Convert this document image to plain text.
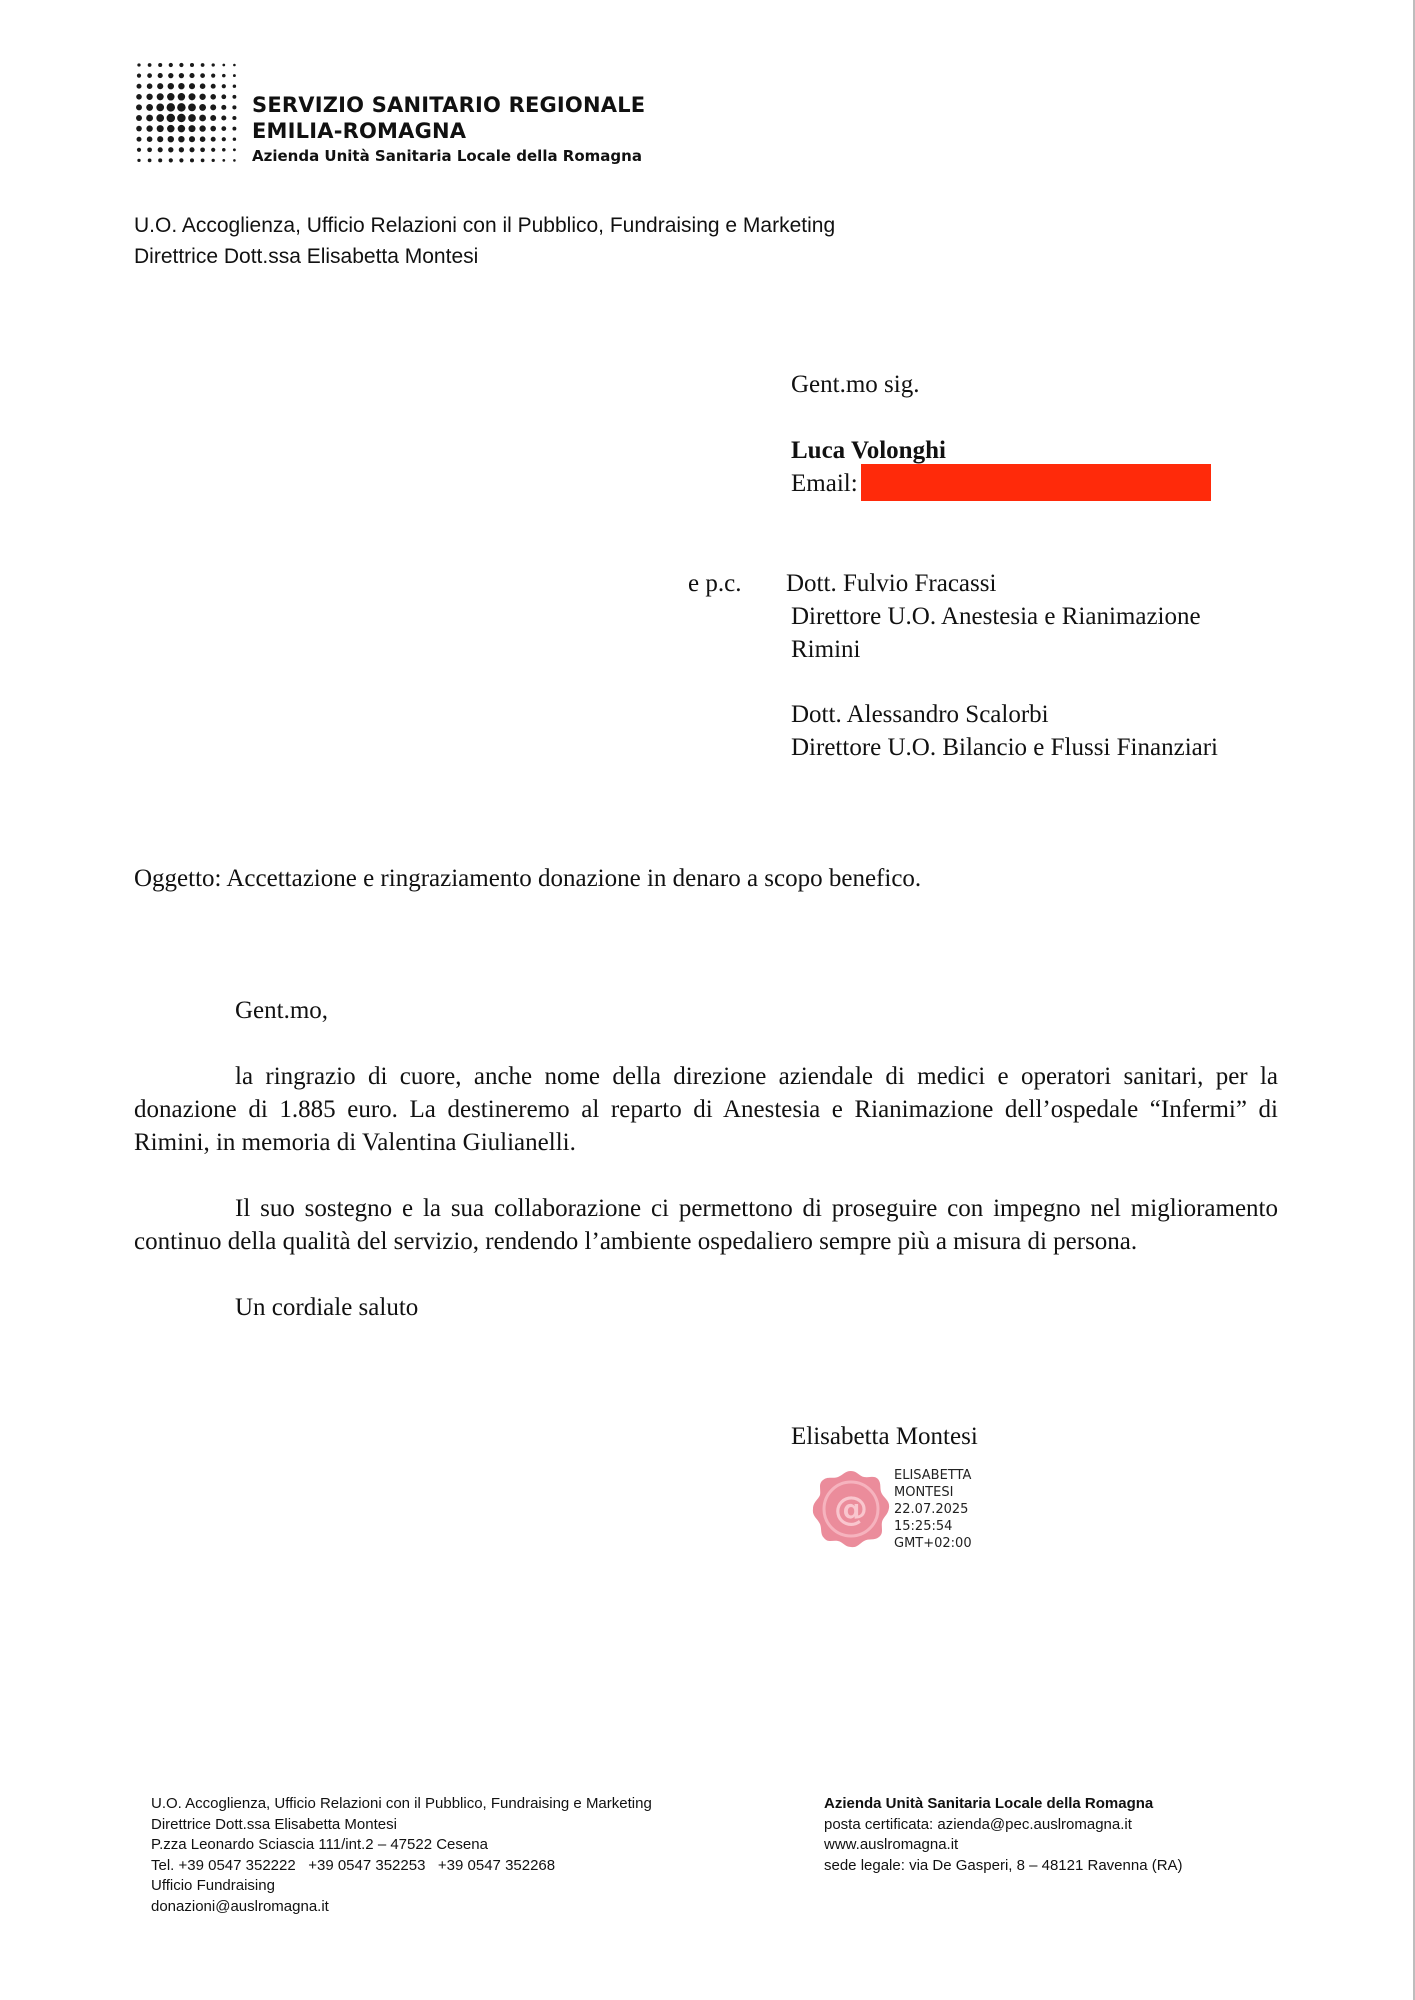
SERVIZIO SANITARIO REGIONALE
EMILIA-ROMAGNA
Azienda Unità Sanitaria Locale della Romagna
U.O. Accoglienza, Ufficio Relazioni con il Pubblico, Fundraising e Marketing
Direttrice Dott.ssa Elisabetta Montesi
Gent.mo sig.
Luca Volonghi
Email:
e p.c. Dott. Fulvio Fracassi
Direttore U.O. Anestesia e Rianimazione
Rimini
Dott. Alessandro Scalorbi
Direttore U.O. Bilancio e Flussi Finanziari
Oggetto: Accettazione e ringraziamento donazione in denaro a scopo benefico.

Gent.mo,

la ringrazio di cuore, anche nome della direzione aziendale di medici e operatori sanitari, per la donazione di 1.885 euro. La destineremo al reparto di Anestesia e Rianimazione dell’ospedale “Infermi” di Rimini, in memoria di Valentina Giulianelli.

Il suo sostegno e la sua collaborazione ci permettono di proseguire con impegno nel miglioramento continuo della qualità del servizio, rendendo l’ambiente ospedaliero sempre più a misura di persona.

Un cordiale saluto

Elisabetta Montesi
@
ELISABETTA
MONTESI
22.07.2025
15:25:54
GMT+02:00
U.O. Accoglienza, Ufficio Relazioni con il Pubblico, Fundraising e Marketing
Direttrice Dott.ssa Elisabetta Montesi
P.zza Leonardo Sciascia 111/int.2 – 47522 Cesena
Tel. +39 0547 352222   +39 0547 352253   +39 0547 352268
Ufficio Fundraising
donazioni@auslromagna.it
Azienda Unità Sanitaria Locale della Romagna
posta certificata: azienda@pec.auslromagna.it
www.auslromagna.it
sede legale: via De Gasperi, 8 – 48121 Ravenna (RA)
